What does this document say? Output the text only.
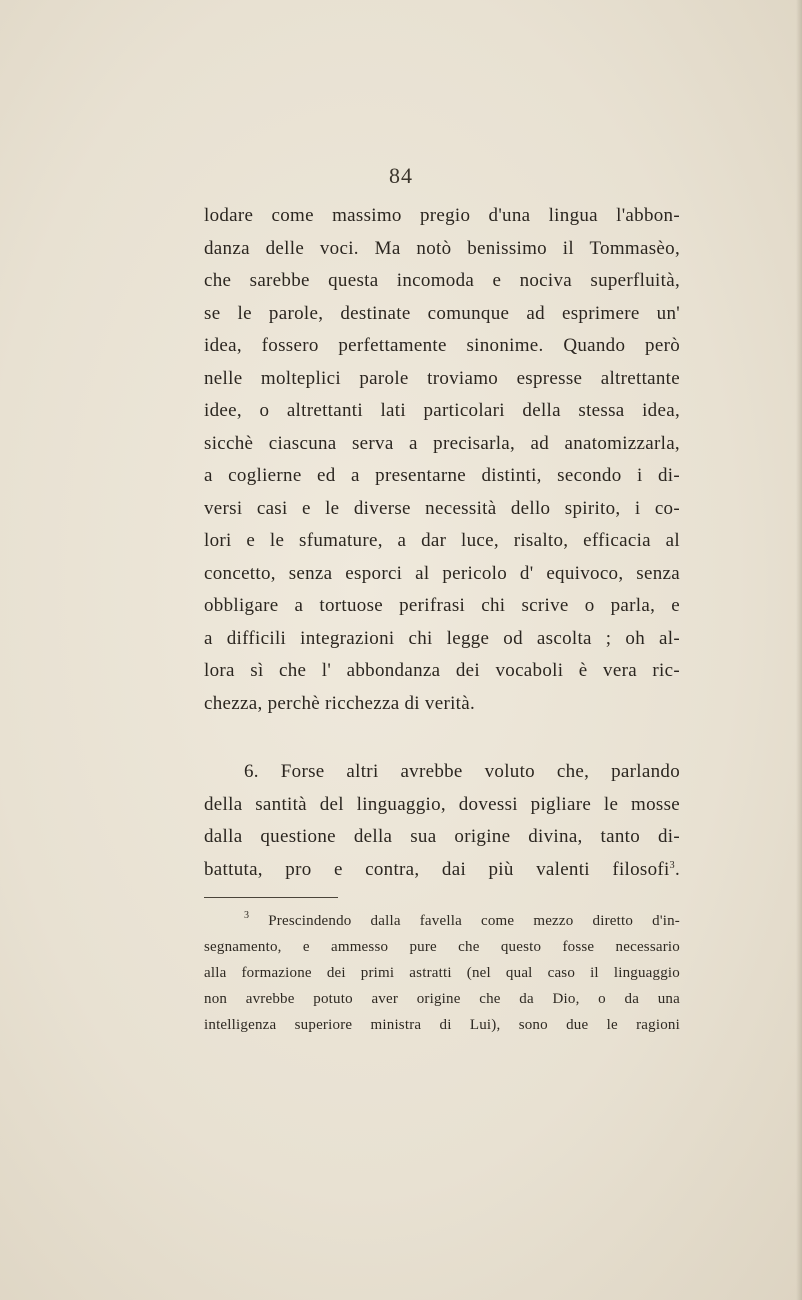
84
lodare come massimo pregio d'una lingua l'abbon-
danza delle voci. Ma notò benissimo il Tommasèo,
che sarebbe questa incomoda e nociva superfluità,
se le parole, destinate comunque ad esprimere un'
idea, fossero perfettamente sinonime. Quando però
nelle molteplici parole troviamo espresse altrettante
idee, o altrettanti lati particolari della stessa idea,
sicchè ciascuna serva a precisarla, ad anatomizzarla,
a coglierne ed a presentarne distinti, secondo i di-
versi casi e le diverse necessità dello spirito, i co-
lori e le sfumature, a dar luce, risalto, efficacia al
concetto, senza esporci al pericolo d' equivoco, senza
obbligare a tortuose perifrasi chi scrive o parla, e
a difficili integrazioni chi legge od ascolta ; oh al-
lora sì che l' abbondanza dei vocaboli è vera ric-
chezza, perchè ricchezza di verità.
6. Forse altri avrebbe voluto che, parlando
della santità del linguaggio, dovessi pigliare le mosse
dalla questione della sua origine divina, tanto di-
battuta, pro e contra, dai più valenti filosofi$^3$.
$^3$ Prescindendo dalla favella come mezzo diretto d'in-
segnamento, e ammesso pure che questo fosse necessario
alla formazione dei primi astratti (nel qual caso il linguaggio
non avrebbe potuto aver origine che da Dio, o da una
intelligenza superiore ministra di Lui), sono due le ragioni
